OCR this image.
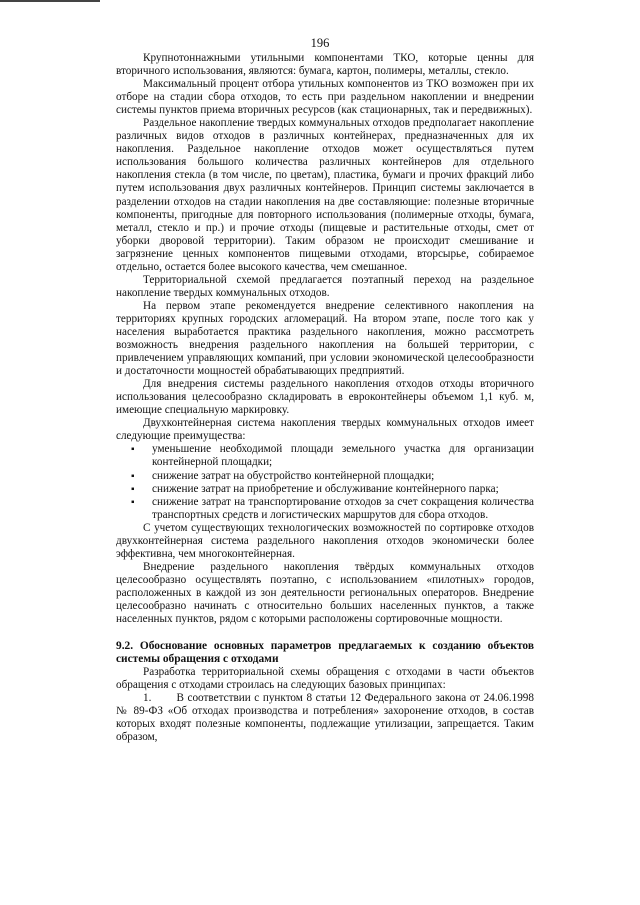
196

Крупнотоннажными утильными компонентами ТКО, которые ценны для вторичного использования, являются: бумага, картон, полимеры, металлы, стекло.

Максимальный процент отбора утильных компонентов из ТКО возможен при их отборе на стадии сбора отходов, то есть при раздельном накоплении и внедрении системы пунктов приема вторичных ресурсов (как стационарных, так и передвижных).

Раздельное накопление твердых коммунальных отходов предполагает накопление различных видов отходов в различных контейнерах, предназначенных для их накопления. Раздельное накопление отходов может осуществляться путем использования большого количества различных контейнеров для отдельного накопления стекла (в том числе, по цветам), пластика, бумаги и прочих фракций либо путем использования двух различных контейнеров. Принцип системы заключается в разделении отходов на стадии накопления на две составляющие: полезные вторичные компоненты, пригодные для повторного использования (полимерные отходы, бумага, металл, стекло и пр.) и прочие отходы (пищевые и растительные отходы, смет от уборки дворовой территории). Таким образом не происходит смешивание и загрязнение ценных компонентов пищевыми отходами, вторсырье, собираемое отдельно, остается более высокого качества, чем смешанное.

Территориальной схемой предлагается поэтапный переход на раздельное накопление твердых коммунальных отходов.

На первом этапе рекомендуется внедрение селективного накопления на территориях крупных городских агломераций. На втором этапе, после того как у населения выработается практика раздельного накопления, можно рассмотреть возможность внедрения раздельного накопления на большей территории, с привлечением управляющих компаний, при условии экономической целесообразности и достаточности мощностей обрабатывающих предприятий.

Для внедрения системы раздельного накопления отходов отходы вторичного использования целесообразно складировать в евроконтейнеры объемом 1,1 куб. м, имеющие специальную маркировку.

Двухконтейнерная система накопления твердых коммунальных отходов имеет следующие преимущества:

▪ уменьшение необходимой площади земельного участка для организации контейнерной площадки;
▪ снижение затрат на обустройство контейнерной площадки;
▪ снижение затрат на приобретение и обслуживание контейнерного парка;
▪ снижение затрат на транспортирование отходов за счет сокращения количества транспортных средств и логистических маршрутов для сбора отходов.

С учетом существующих технологических возможностей по сортировке отходов двухконтейнерная система раздельного накопления отходов экономически более эффективна, чем многоконтейнерная.

Внедрение раздельного накопления твёрдых коммунальных отходов целесообразно осуществлять поэтапно, с использованием «пилотных» городов, расположенных в каждой из зон деятельности региональных операторов. Внедрение целесообразно начинать с относительно больших населенных пунктов, а также населенных пунктов, рядом с которыми расположены сортировочные мощности.

9.2. Обоснование основных параметров предлагаемых к созданию объектов системы обращения с отходами

Разработка территориальной схемы обращения с отходами в части объектов обращения с отходами строилась на следующих базовых принципах:

1. В соответствии с пунктом 8 статьи 12 Федерального закона от 24.06.1998 № 89-ФЗ «Об отходах производства и потребления» захоронение отходов, в состав которых входят полезные компоненты, подлежащие утилизации, запрещается. Таким образом,
